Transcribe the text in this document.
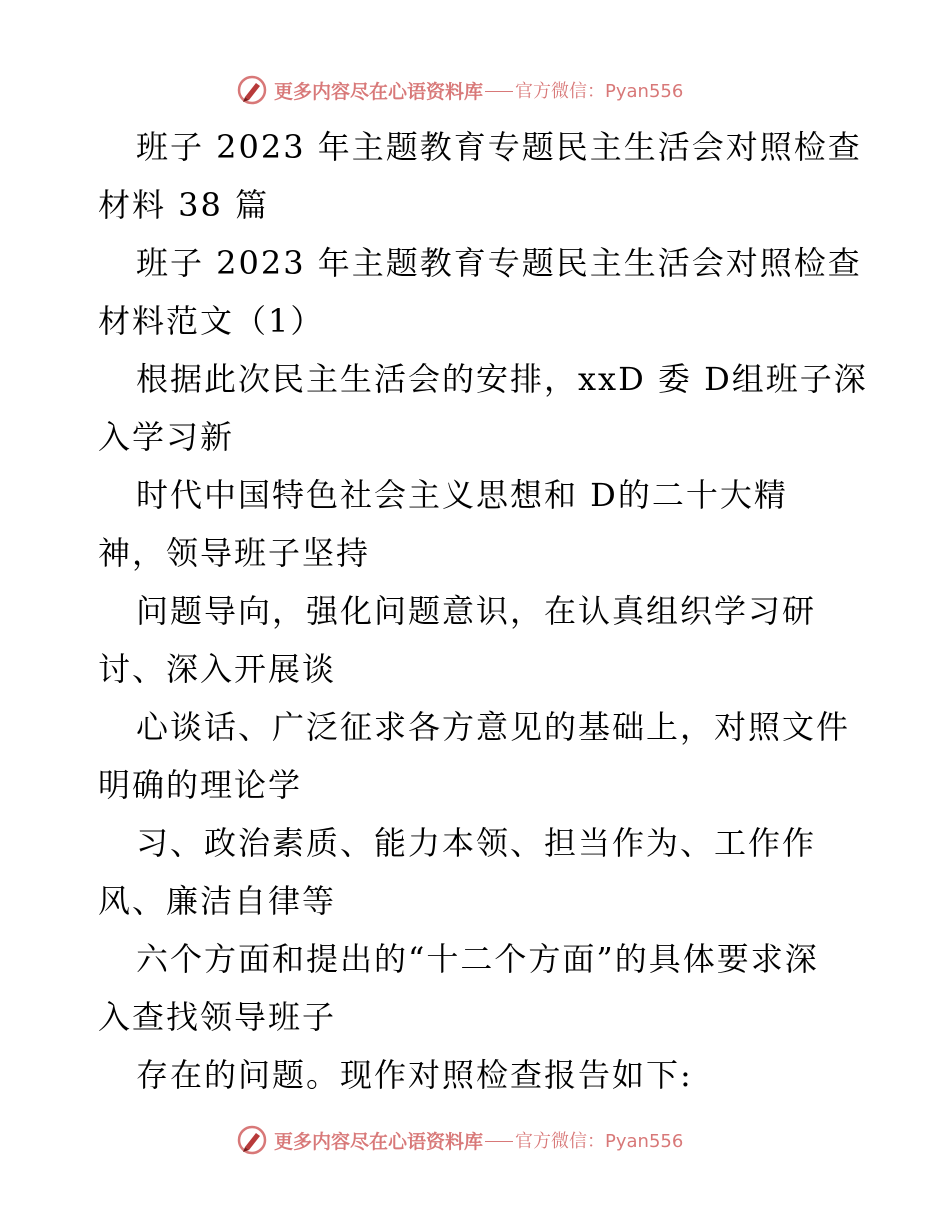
更多内容尽在心语资料库 官方微信：Pyan556
班子 2023 年主题教育专题民主生活会对照检查
材料 38 篇
班子 2023 年主题教育专题民主生活会对照检查
材料范文（1）
根据此次民主生活会的安排，xxD 委 D组班子深
入学习新
时代中国特色社会主义思想和 D的二十大精
神，领导班子坚持
问题导向，强化问题意识，在认真组织学习研
讨、深入开展谈
心谈话、广泛征求各方意见的基础上，对照文件
明确的理论学
习、政治素质、能力本领、担当作为、工作作
风、廉洁自律等
六个方面和提出的“十二个方面”的具体要求深
入查找领导班子
存在的问题。现作对照检查报告如下:
更多内容尽在心语资料库 官方微信：Pyan556
